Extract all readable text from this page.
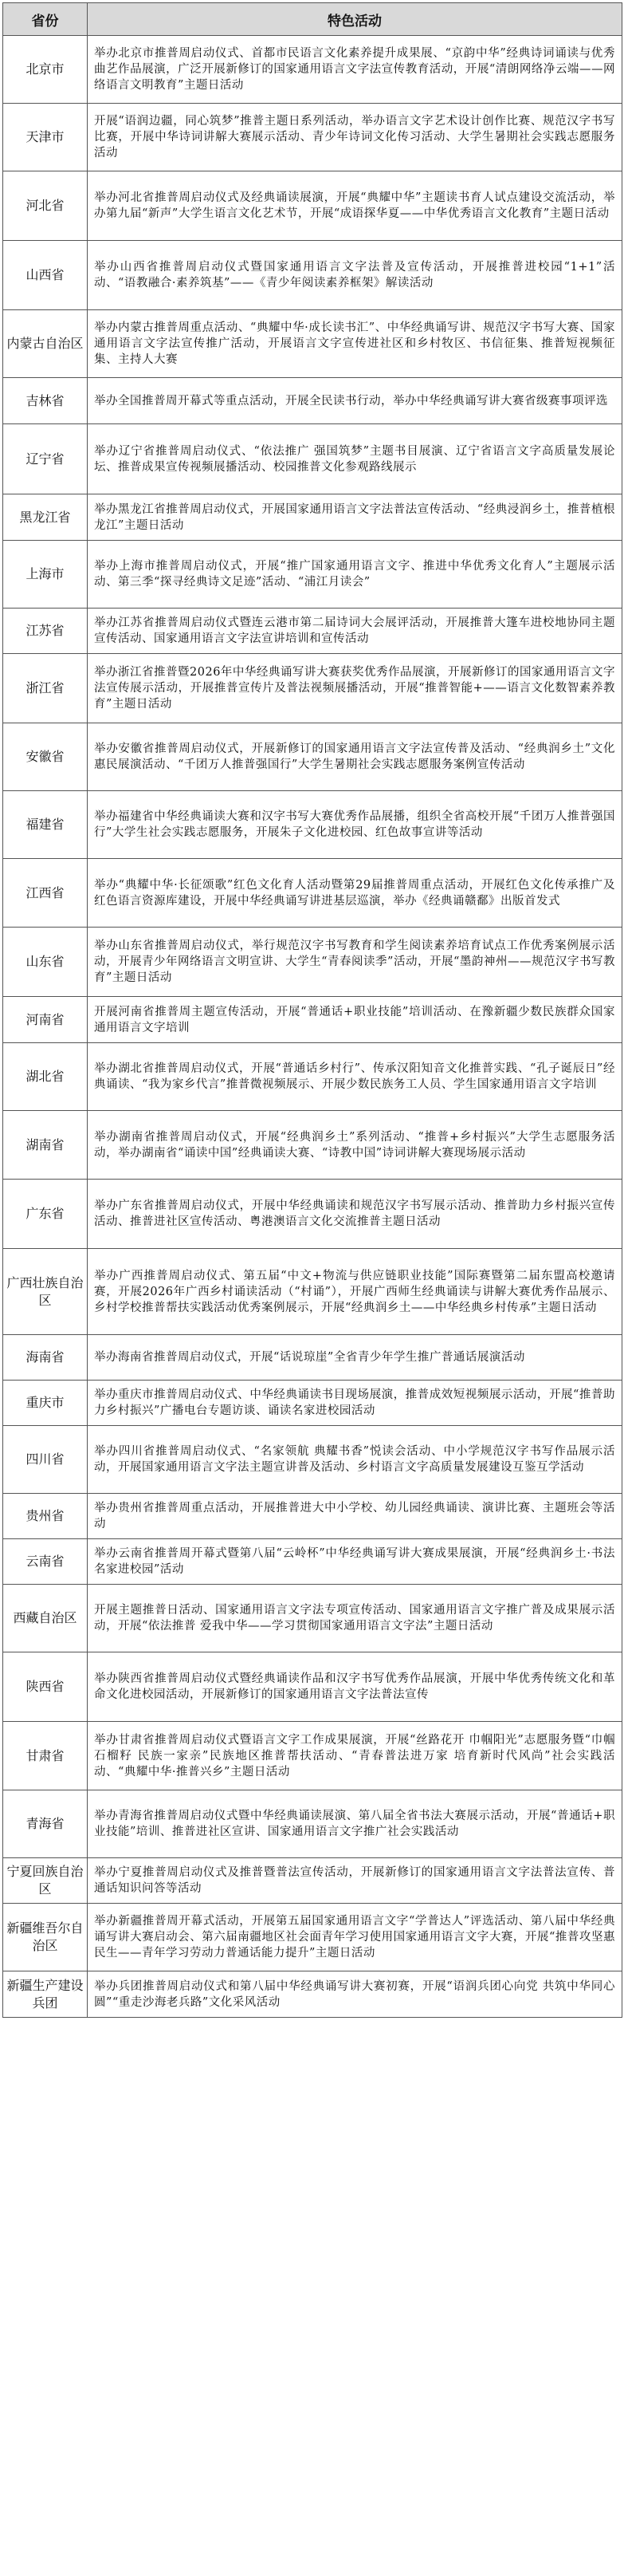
省份	特色活动
北京市	举办北京市推普周启动仪式、首都市民语言文化素养提升成果展、“京韵中华”经典诗词诵读与优秀曲艺作品展演，广泛开展新修订的国家通用语言文字法宣传教育活动，开展“清朗网络净云端——网络语言文明教育”主题日活动
天津市	开展“语润边疆，同心筑梦”推普主题日系列活动，举办语言文字艺术设计创作比赛、规范汉字书写比赛，开展中华诗词讲解大赛展示活动、青少年诗词文化传习活动、大学生暑期社会实践志愿服务活动
河北省	举办河北省推普周启动仪式及经典诵读展演，开展“典耀中华”主题读书育人试点建设交流活动，举办第九届“新声”大学生语言文化艺术节，开展“成语探华夏——中华优秀语言文化教育”主题日活动
山西省	举办山西省推普周启动仪式暨国家通用语言文字法普及宣传活动，开展推普进校园“1+1”活动、“语教融合·素养筑基”——《青少年阅读素养框架》解读活动
内蒙古自治区	举办内蒙古推普周重点活动、“典耀中华·成长读书汇”、中华经典诵写讲、规范汉字书写大赛、国家通用语言文字法宣传推广活动，开展语言文字宣传进社区和乡村牧区、书信征集、推普短视频征集、主持人大赛
吉林省	举办全国推普周开幕式等重点活动，开展全民读书行动，举办中华经典诵写讲大赛省级赛事项评选
辽宁省	举办辽宁省推普周启动仪式、“依法推广 强国筑梦”主题书目展演、辽宁省语言文字高质量发展论坛、推普成果宣传视频展播活动、校园推普文化参观路线展示
黑龙江省	举办黑龙江省推普周启动仪式，开展国家通用语言文字法普法宣传活动、“经典浸润乡土，推普植根龙江”主题日活动
上海市	举办上海市推普周启动仪式，开展“推广国家通用语言文字、推进中华优秀文化育人”主题展示活动、第三季“探寻经典诗文足迹”活动、“浦江月读会”
江苏省	举办江苏省推普周启动仪式暨连云港市第二届诗词大会展评活动，开展推普大篷车进校地协同主题宣传活动、国家通用语言文字法宣讲培训和宣传活动
浙江省	举办浙江省推普暨2026年中华经典诵写讲大赛获奖优秀作品展演，开展新修订的国家通用语言文字法宣传展示活动，开展推普宣传片及普法视频展播活动，开展“推普智能+——语言文化数智素养教育”主题日活动
安徽省	举办安徽省推普周启动仪式，开展新修订的国家通用语言文字法宣传普及活动、“经典润乡土”文化惠民展演活动、“千团万人推普强国行”大学生暑期社会实践志愿服务案例宣传活动
福建省	举办福建省中华经典诵读大赛和汉字书写大赛优秀作品展播，组织全省高校开展“千团万人推普强国行”大学生社会实践志愿服务，开展朱子文化进校园、红色故事宣讲等活动
江西省	举办“典耀中华·长征颂歌”红色文化育人活动暨第29届推普周重点活动，开展红色文化传承推广及红色语言资源库建设，开展中华经典诵写讲进基层巡演，举办《经典诵赣鄱》出版首发式
山东省	举办山东省推普周启动仪式，举行规范汉字书写教育和学生阅读素养培育试点工作优秀案例展示活动，开展青少年网络语言文明宣讲、大学生“青春阅读季”活动，开展“墨韵神州——规范汉字书写教育”主题日活动
河南省	开展河南省推普周主题宣传活动，开展“普通话+职业技能”培训活动、在豫新疆少数民族群众国家通用语言文字培训
湖北省	举办湖北省推普周启动仪式，开展“普通话乡村行”、传承汉阳知音文化推普实践、“孔子诞辰日”经典诵读、“我为家乡代言”推普微视频展示、开展少数民族务工人员、学生国家通用语言文字培训
湖南省	举办湖南省推普周启动仪式，开展“经典润乡土”系列活动、“推普+乡村振兴”大学生志愿服务活动，举办湖南省“诵读中国”经典诵读大赛、“诗教中国”诗词讲解大赛现场展示活动
广东省	举办广东省推普周启动仪式，开展中华经典诵读和规范汉字书写展示活动、推普助力乡村振兴宣传活动、推普进社区宣传活动、粤港澳语言文化交流推普主题日活动
广西壮族自治区	举办广西推普周启动仪式、第五届“中文+物流与供应链职业技能”国际赛暨第二届东盟高校邀请赛，开展2026年广西乡村诵读活动（“村诵”），开展广西师生经典诵读与讲解大赛优秀作品展示、乡村学校推普帮扶实践活动优秀案例展示，开展“经典润乡土——中华经典乡村传承”主题日活动
海南省	举办海南省推普周启动仪式，开展“话说琼崖”全省青少年学生推广普通话展演活动
重庆市	举办重庆市推普周启动仪式、中华经典诵读书目现场展演，推普成效短视频展示活动，开展“推普助力乡村振兴”广播电台专题访谈、诵读名家进校园活动
四川省	举办四川省推普周启动仪式、“名家领航 典耀书香”悦读会活动、中小学规范汉字书写作品展示活动，开展国家通用语言文字法主题宣讲普及活动、乡村语言文字高质量发展建设互鉴互学活动
贵州省	举办贵州省推普周重点活动，开展推普进大中小学校、幼儿园经典诵读、演讲比赛、主题班会等活动
云南省	举办云南省推普周开幕式暨第八届“云岭杯”中华经典诵写讲大赛成果展演，开展“经典润乡土·书法名家进校园”活动
西藏自治区	开展主题推普日活动、国家通用语言文字法专项宣传活动、国家通用语言文字推广普及成果展示活动，开展“依法推普 爱我中华——学习贯彻国家通用语言文字法”主题日活动
陕西省	举办陕西省推普周启动仪式暨经典诵读作品和汉字书写优秀作品展演，开展中华优秀传统文化和革命文化进校园活动，开展新修订的国家通用语言文字法普法宣传
甘肃省	举办甘肃省推普周启动仪式暨语言文字工作成果展演，开展“丝路花开 巾帼阳光”志愿服务暨“巾帼石榴籽 民族一家亲”民族地区推普帮扶活动、“青春普法进万家 培育新时代风尚”社会实践活动、“典耀中华·推普兴乡”主题日活动
青海省	举办青海省推普周启动仪式暨中华经典诵读展演、第八届全省书法大赛展示活动，开展“普通话+职业技能”培训、推普进社区宣讲、国家通用语言文字推广社会实践活动
宁夏回族自治区	举办宁夏推普周启动仪式及推普暨普法宣传活动，开展新修订的国家通用语言文字法普法宣传、普通话知识问答等活动
新疆维吾尔自治区	举办新疆推普周开幕式活动，开展第五届国家通用语言文字“学普达人”评选活动、第八届中华经典诵写讲大赛启动会、第六届南疆地区社会面青年学习使用国家通用语言文字大赛，开展“推普攻坚惠民生——青年学习劳动力普通话能力提升”主题日活动
新疆生产建设兵团	举办兵团推普周启动仪式和第八届中华经典诵写讲大赛初赛，开展“语润兵团心向党 共筑中华同心圆”“重走沙海老兵路”文化采风活动
